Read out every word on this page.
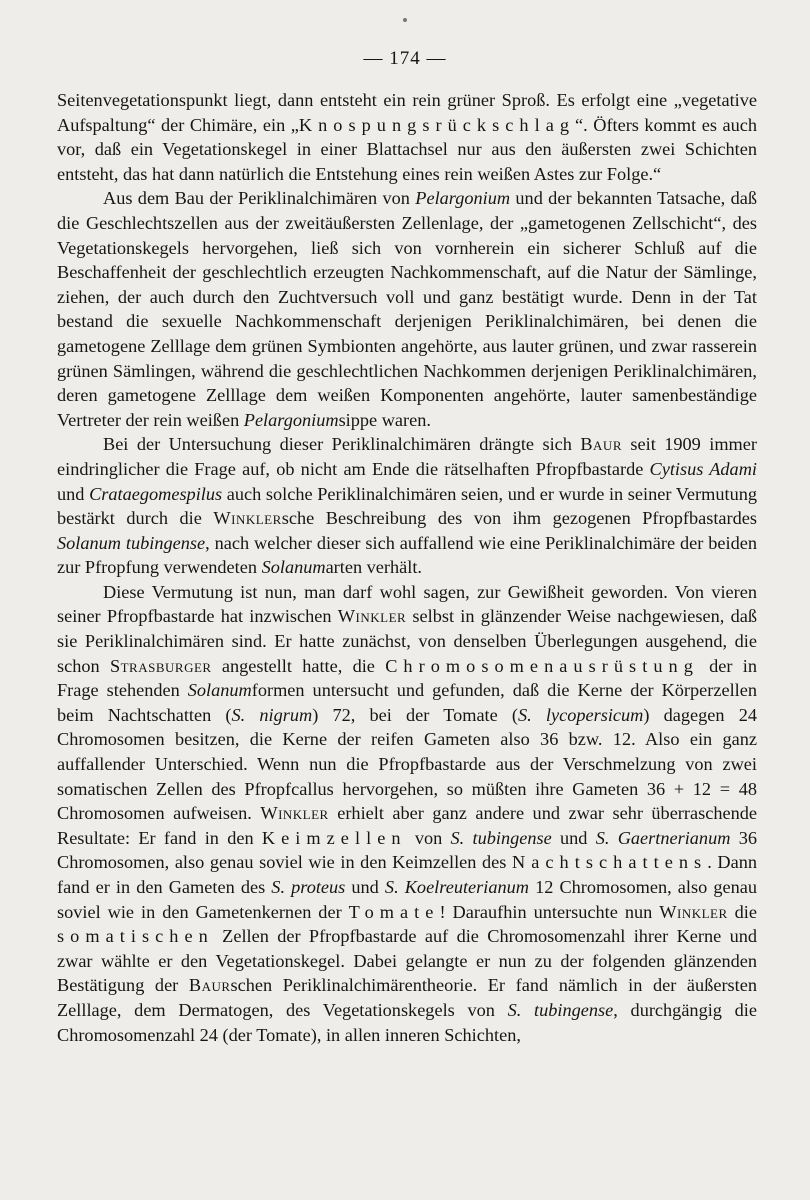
— 174 —

Seitenvegetationspunkt liegt, dann entsteht ein rein grüner Sproß. Es erfolgt eine „vegetative Aufspaltung“ der Chimäre, ein „Knospungsrückschlag“. Öfters kommt es auch vor, daß ein Vegetationskegel in einer Blattachsel nur aus den äußersten zwei Schichten entsteht, das hat dann natürlich die Entstehung eines rein weißen Astes zur Folge.“

Aus dem Bau der Periklinalchimären von Pelargonium und der bekannten Tatsache, daß die Geschlechtszellen aus der zweitäußersten Zellenlage, der „gametogenen Zellschicht“, des Vegetationskegels hervorgehen, ließ sich von vornherein ein sicherer Schluß auf die Beschaffenheit der geschlechtlich erzeugten Nachkommenschaft, auf die Natur der Sämlinge, ziehen, der auch durch den Zuchtversuch voll und ganz bestätigt wurde. Denn in der Tat bestand die sexuelle Nachkommenschaft derjenigen Periklinalchimären, bei denen die gametogene Zelllage dem grünen Symbionten angehörte, aus lauter grünen, und zwar rasserein grünen Sämlingen, während die geschlechtlichen Nachkommen derjenigen Periklinalchimären, deren gametogene Zelllage dem weißen Komponenten angehörte, lauter samenbeständige Vertreter der rein weißen Pelargoniumsippe waren.

Bei der Untersuchung dieser Periklinalchimären drängte sich Baur seit 1909 immer eindringlicher die Frage auf, ob nicht am Ende die rätselhaften Pfropfbastarde Cytisus Adami und Crataegomespilus auch solche Periklinalchimären seien, und er wurde in seiner Vermutung bestärkt durch die Winklersche Beschreibung des von ihm gezogenen Pfropfbastardes Solanum tubingense, nach welcher dieser sich auffallend wie eine Periklinalchimäre der beiden zur Pfropfung verwendeten Solanumarten verhält.

Diese Vermutung ist nun, man darf wohl sagen, zur Gewißheit geworden. Von vieren seiner Pfropfbastarde hat inzwischen Winkler selbst in glänzender Weise nachgewiesen, daß sie Periklinalchimären sind. Er hatte zunächst, von denselben Überlegungen ausgehend, die schon Strasburger angestellt hatte, die Chromosomenausrüstung der in Frage stehenden Solanumformen untersucht und gefunden, daß die Kerne der Körperzellen beim Nachtschatten (S. nigrum) 72, bei der Tomate (S. lycopersicum) dagegen 24 Chromosomen besitzen, die Kerne der reifen Gameten also 36 bzw. 12. Also ein ganz auffallender Unterschied. Wenn nun die Pfropfbastarde aus der Verschmelzung von zwei somatischen Zellen des Pfropfcallus hervorgehen, so müßten ihre Gameten 36 + 12 = 48 Chromosomen aufweisen. Winkler erhielt aber ganz andere und zwar sehr überraschende Resultate: Er fand in den Keimzellen von S. tubingense und S. Gaertnerianum 36 Chromosomen, also genau soviel wie in den Keimzellen des Nachtschattens. Dann fand er in den Gameten des S. proteus und S. Koelreuterianum 12 Chromosomen, also genau soviel wie in den Gametenkernen der Tomate! Daraufhin untersuchte nun Winkler die somatischen Zellen der Pfropfbastarde auf die Chromosomenzahl ihrer Kerne und zwar wählte er den Vegetationskegel. Dabei gelangte er nun zu der folgenden glänzenden Bestätigung der Baurschen Periklinalchimärentheorie. Er fand nämlich in der äußersten Zelllage, dem Dermatogen, des Vegetationskegels von S. tubingense, durchgängig die Chromosomenzahl 24 (der Tomate), in allen inneren Schichten,
